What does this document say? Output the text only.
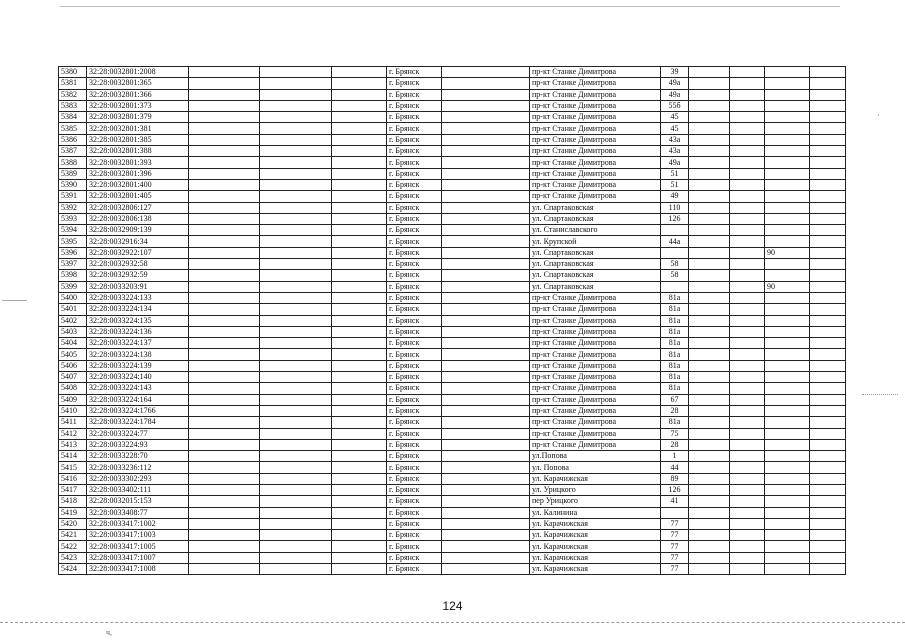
·
5380	32:28:0032801:2008				г. Брянск		пр-кт Станке Димитрова	39				
5381	32:28:0032801:365				г. Брянск		пр-кт Станке Димитрова	49а				
5382	32:28:0032801:366				г. Брянск		пр-кт Станке Димитрова	49а				
5383	32:28:0032801:373				г. Брянск		пр-кт Станке Димитрова	55б				
5384	32:28:0032801:379				г. Брянск		пр-кт Станке Димитрова	45				
5385	32:28:0032801:381				г. Брянск		пр-кт Станке Димитрова	45				
5386	32:28:0032801:385				г. Брянск		пр-кт Станке Димитрова	43а				
5387	32:28:0032801:388				г. Брянск		пр-кт Станке Димитрова	43а				
5388	32:28:0032801:393				г. Брянск		пр-кт Станке Димитрова	49а				
5389	32:28:0032801:396				г. Брянск		пр-кт Станке Димитрова	51				
5390	32:28:0032801:400				г. Брянск		пр-кт Станке Димитрова	51				
5391	32:28:0032801:405				г. Брянск		пр-кт Станке Димитрова	49				
5392	32:28:0032806:127				г. Брянск		ул. Спартаковская	110				
5393	32:28:0032806:138				г. Брянск		ул. Спартаковская	126				
5394	32:28:0032909:139				г. Брянск		ул. Станиславского					
5395	32:28:0032916:34				г. Брянск		ул. Крупской	44а				
5396	32:28:0032922:107				г. Брянск		ул. Спартаковская				90	
5397	32:28:0032932:58				г. Брянск		ул. Спартаковская	58				
5398	32:28:0032932:59				г. Брянск		ул. Спартаковская	58				
5399	32:28:0033203:91				г. Брянск		ул. Спартаковская				90	
5400	32:28:0033224:133				г. Брянск		пр-кт Станке Димитрова	81а				
5401	32:28:0033224:134				г. Брянск		пр-кт Станке Димитрова	81а				
5402	32:28:0033224:135				г. Брянск		пр-кт Станке Димитрова	81а				
5403	32:28:0033224:136				г. Брянск		пр-кт Станке Димитрова	81а				
5404	32:28:0033224:137				г. Брянск		пр-кт Станке Димитрова	81а				
5405	32:28:0033224:138				г. Брянск		пр-кт Станке Димитрова	81а				
5406	32:28:0033224:139				г. Брянск		пр-кт Станке Димитрова	81а				
5407	32:28:0033224:140				г. Брянск		пр-кт Станке Димитрова	81а				
5408	32:28:0033224:143				г. Брянск		пр-кт Станке Димитрова	81а				
5409	32:28:0033224:164				г. Брянск		пр-кт Станке Димитрова	67				
5410	32:28:0033224:1766				г. Брянск		пр-кт Станке Димитрова	28				
5411	32:28:0033224:1784				г. Брянск		пр-кт Станке Димитрова	81а				
5412	32:28:0033224:77				г. Брянск		пр-кт Станке Димитрова	75				
5413	32:28:0033224:93				г. Брянск		пр-кт Станке Димитрова	28				
5414	32:28:0033228:70				г. Брянск		ул.Попова	1				
5415	32:28:0033236:112				г. Брянск		ул. Попова	44				
5416	32:28:0033302:293				г. Брянск		ул. Карачижская	89				
5417	32:28:0033402:111				г. Брянск		ул. Урицкого	126				
5418	32:28:0032015:153				г. Брянск		пер Урицкого	41				
5419	32:28:0033408:77				г. Брянск		ул. Калинина					
5420	32:28:0033417:1002				г. Брянск		ул. Карачижская	77				
5421	32:28:0033417:1003				г. Брянск		ул. Карачижская	77				
5422	32:28:0033417:1005				г. Брянск		ул. Карачижская	77				
5423	32:28:0033417:1007				г. Брянск		ул. Карачижская	77				
5424	32:28:0033417:1008				г. Брянск		ул. Карачижская	77				
124
ч,
